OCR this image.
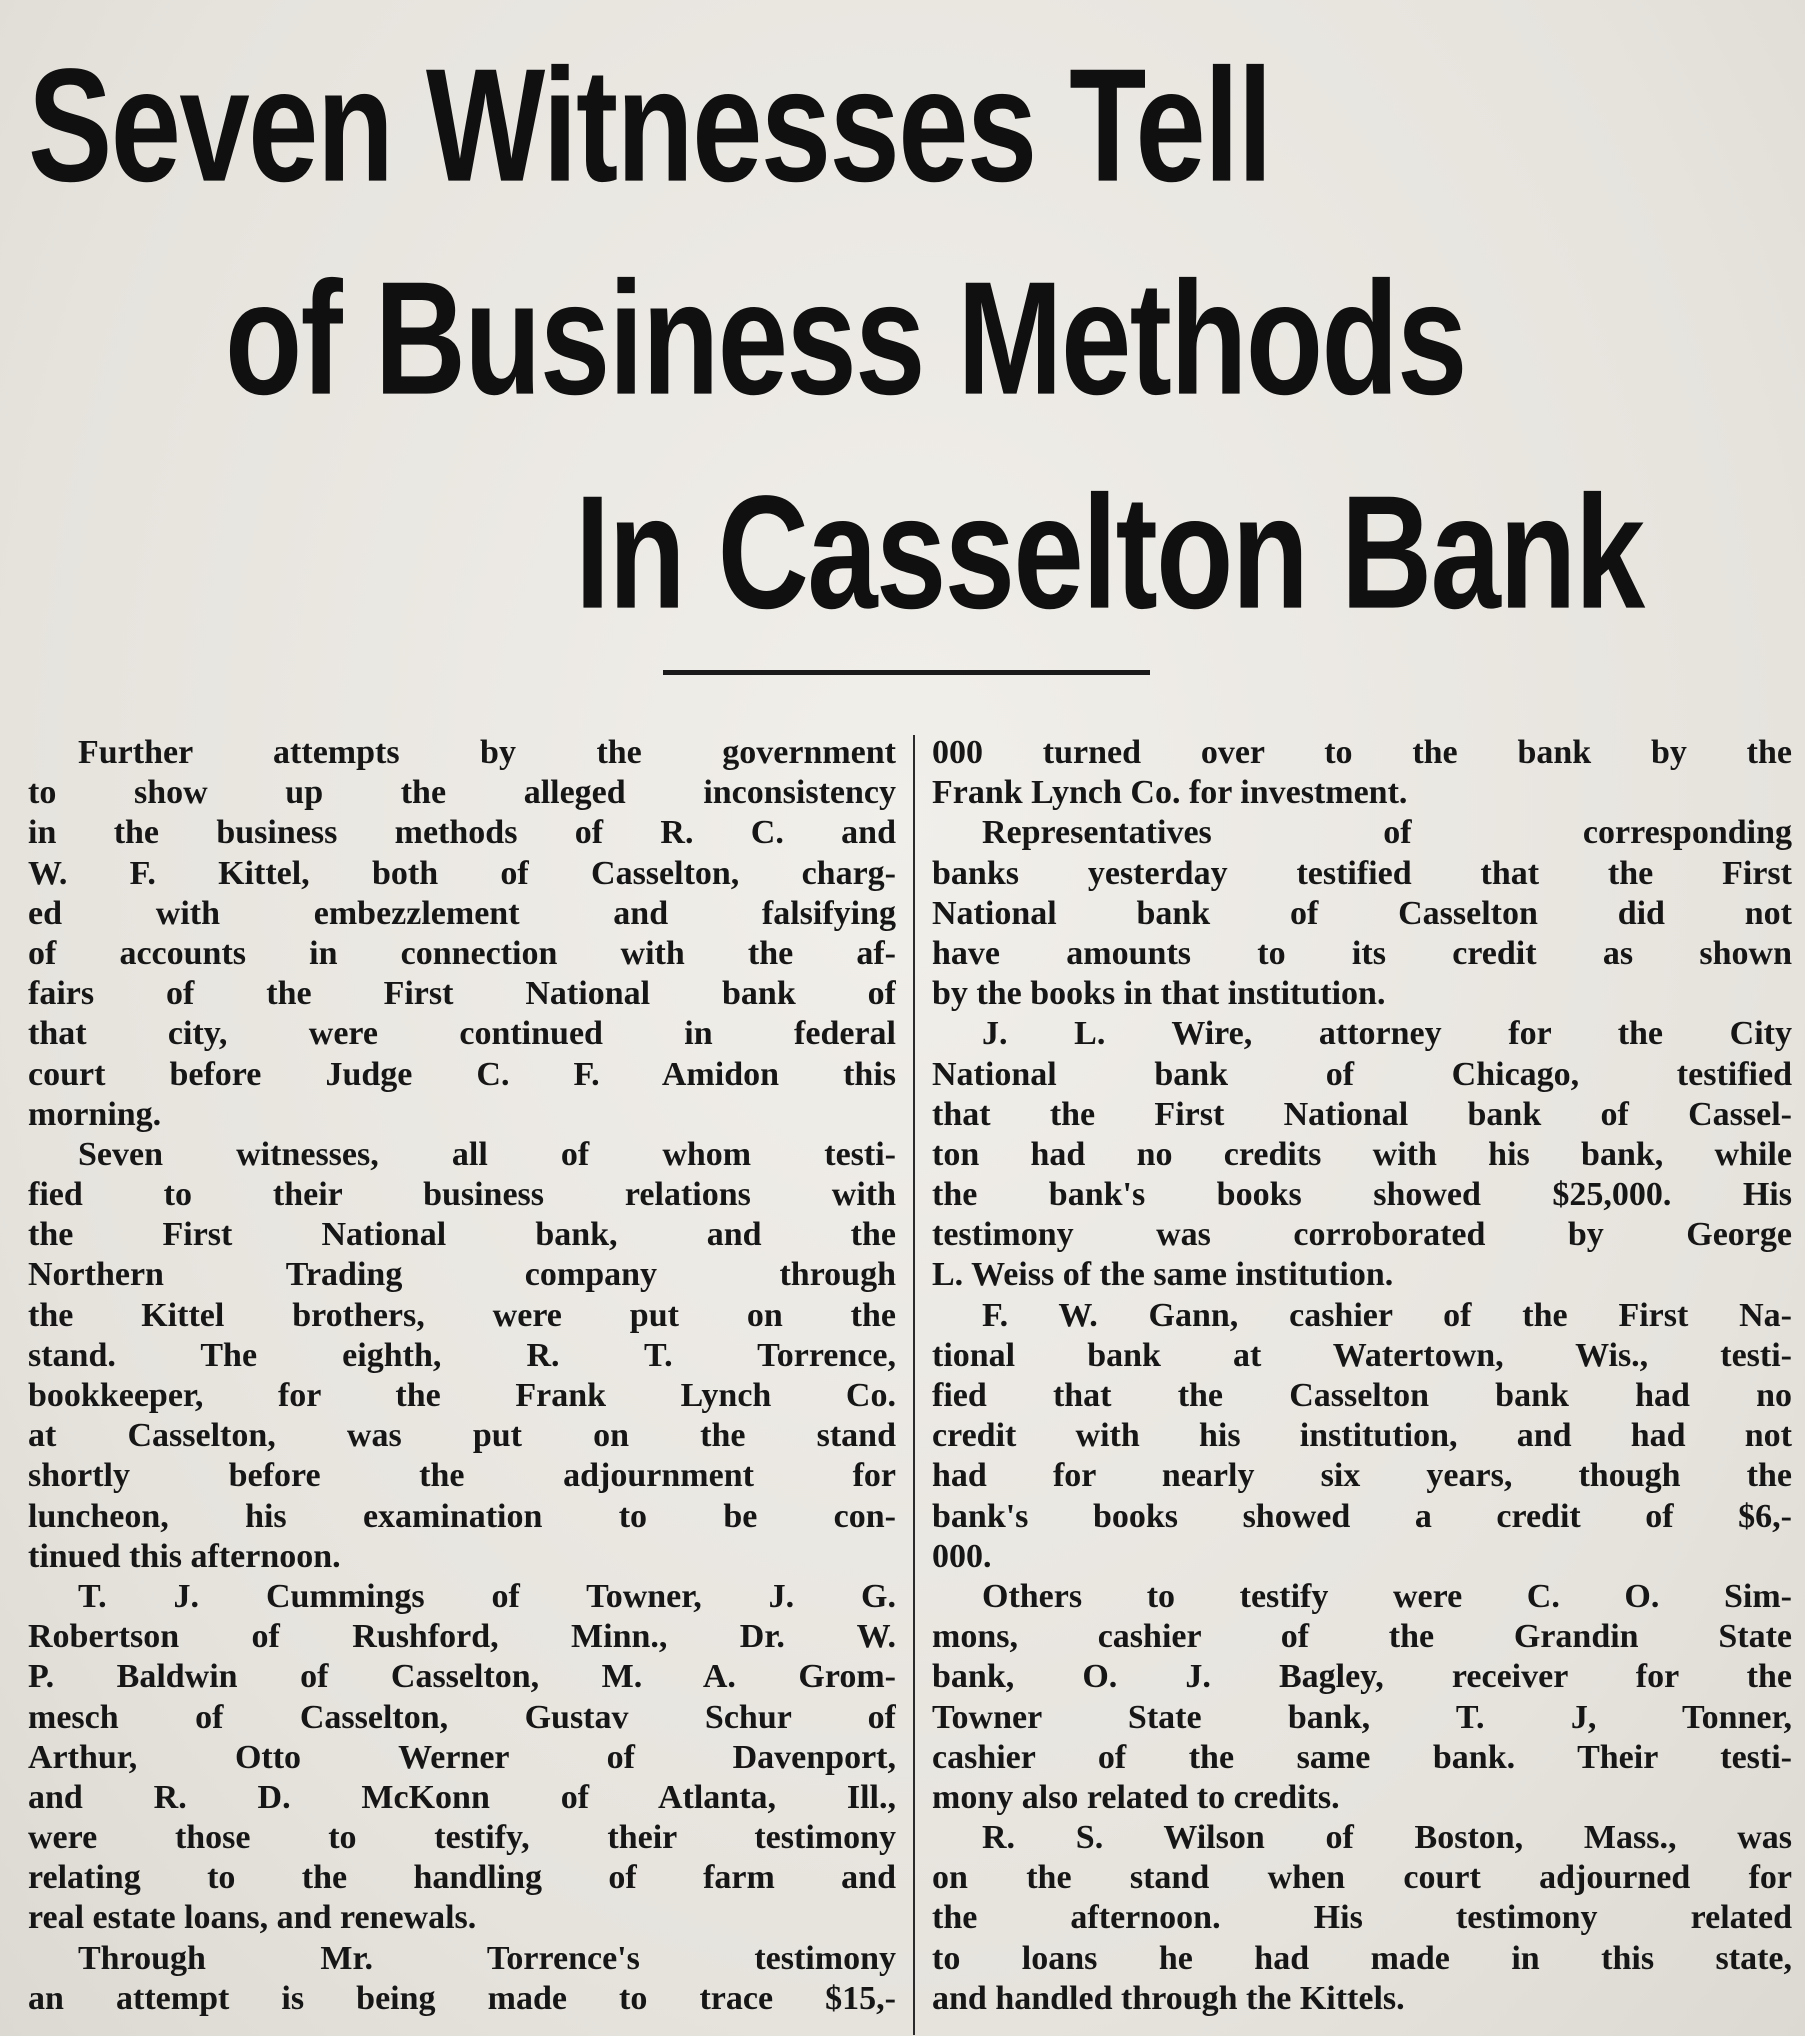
Seven Witnesses Tell
of Business Methods
In Casselton Bank
Further attempts by the government
to show up the alleged inconsistency
in the business methods of R. C. and
W. F. Kittel, both of Casselton, charg-
ed with embezzlement and falsifying
of accounts in connection with the af-
fairs of the First National bank of
that city, were continued in federal
court before Judge C. F. Amidon this
morning.
Seven witnesses, all of whom testi-
fied to their business relations with
the First National bank, and the
Northern Trading company through
the Kittel brothers, were put on the
stand. The eighth, R. T. Torrence,
bookkeeper, for the Frank Lynch Co.
at Casselton, was put on the stand
shortly before the adjournment for
luncheon, his examination to be con-
tinued this afternoon.
T. J. Cummings of Towner, J. G.
Robertson of Rushford, Minn., Dr. W.
P. Baldwin of Casselton, M. A. Grom-
mesch of Casselton, Gustav Schur of
Arthur, Otto Werner of Davenport,
and R. D. McKonn of Atlanta, Ill.,
were those to testify, their testimony
relating to the handling of farm and
real estate loans, and renewals.
Through Mr. Torrence's testimony
an attempt is being made to trace $15,-
000 turned over to the bank by the
Frank Lynch Co. for investment.
Representatives of corresponding
banks yesterday testified that the First
National bank of Casselton did not
have amounts to its credit as shown
by the books in that institution.
J. L. Wire, attorney for the City
National bank of Chicago, testified
that the First National bank of Cassel-
ton had no credits with his bank, while
the bank's books showed $25,000. His
testimony was corroborated by George
L. Weiss of the same institution.
F. W. Gann, cashier of the First Na-
tional bank at Watertown, Wis., testi-
fied that the Casselton bank had no
credit with his institution, and had not
had for nearly six years, though the
bank's books showed a credit of $6,-
000.
Others to testify were C. O. Sim-
mons, cashier of the Grandin State
bank, O. J. Bagley, receiver for the
Towner State bank, T. J, Tonner,
cashier of the same bank. Their testi-
mony also related to credits.
R. S. Wilson of Boston, Mass., was
on the stand when court adjourned for
the afternoon. His testimony related
to loans he had made in this state,
and handled through the Kittels.
